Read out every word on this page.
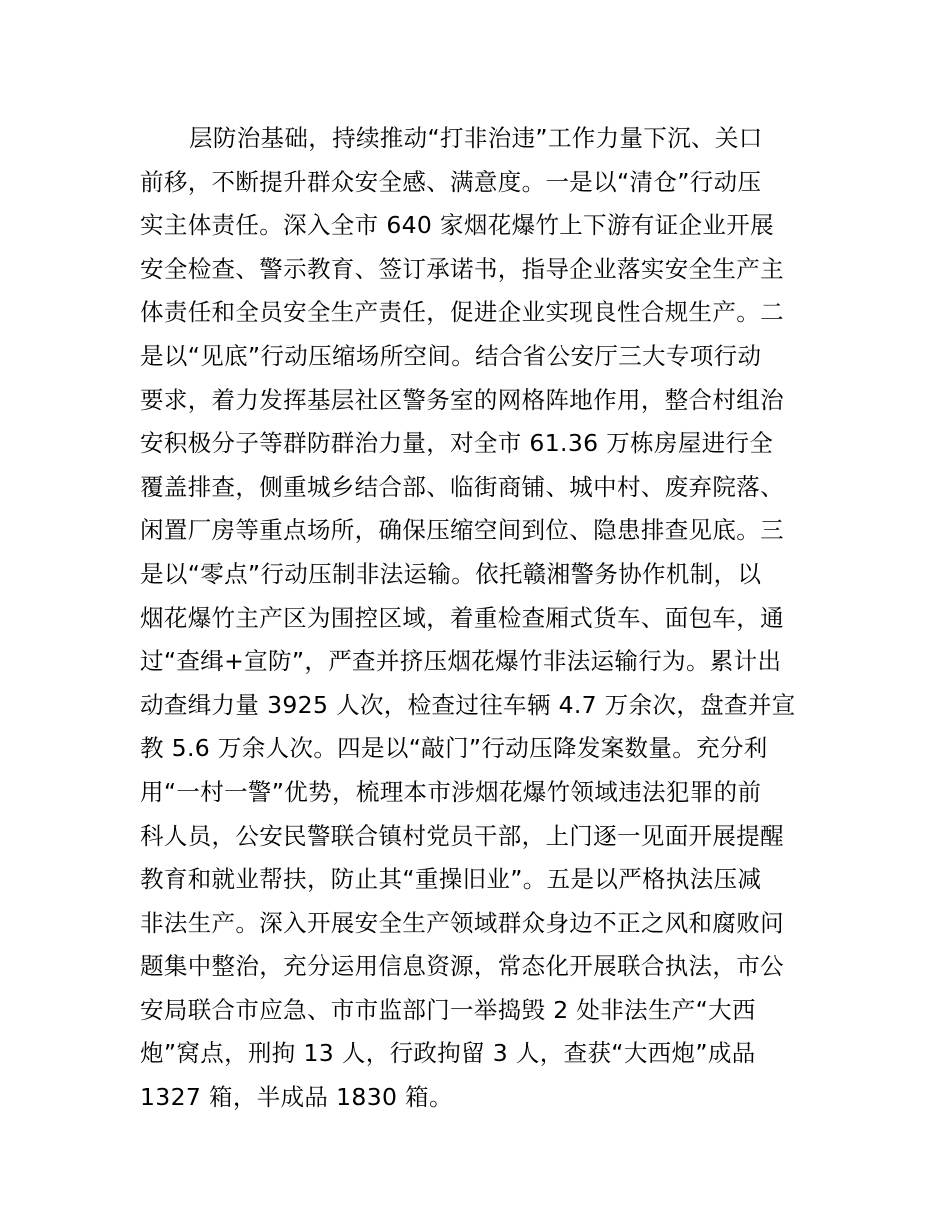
层防治基础，持续推动“打非治违”工作力量下沉、关口
前移，不断提升群众安全感、满意度。一是以“清仓”行动压
实主体责任。深入全市 640 家烟花爆竹上下游有证企业开展
安全检查、警示教育、签订承诺书，指导企业落实安全生产主
体责任和全员安全生产责任，促进企业实现良性合规生产。二
是以“见底”行动压缩场所空间。结合省公安厅三大专项行动
要求，着力发挥基层社区警务室的网格阵地作用，整合村组治
安积极分子等群防群治力量，对全市 61.36 万栋房屋进行全
覆盖排查，侧重城乡结合部、临街商铺、城中村、废弃院落、
闲置厂房等重点场所，确保压缩空间到位、隐患排查见底。三
是以“零点”行动压制非法运输。依托赣湘警务协作机制，以
烟花爆竹主产区为围控区域，着重检查厢式货车、面包车，通
过“查缉+宣防”，严查并挤压烟花爆竹非法运输行为。累计出
动查缉力量 3925 人次，检查过往车辆 4.7 万余次，盘查并宣
教 5.6 万余人次。四是以“敲门”行动压降发案数量。充分利
用“一村一警”优势，梳理本市涉烟花爆竹领域违法犯罪的前
科人员，公安民警联合镇村党员干部，上门逐一见面开展提醒
教育和就业帮扶，防止其“重操旧业”。五是以严格执法压减
非法生产。深入开展安全生产领域群众身边不正之风和腐败问
题集中整治，充分运用信息资源，常态化开展联合执法，市公
安局联合市应急、市市监部门一举捣毁 2 处非法生产“大西
炮”窝点，刑拘 13 人，行政拘留 3 人，查获“大西炮”成品
1327 箱，半成品 1830 箱。
